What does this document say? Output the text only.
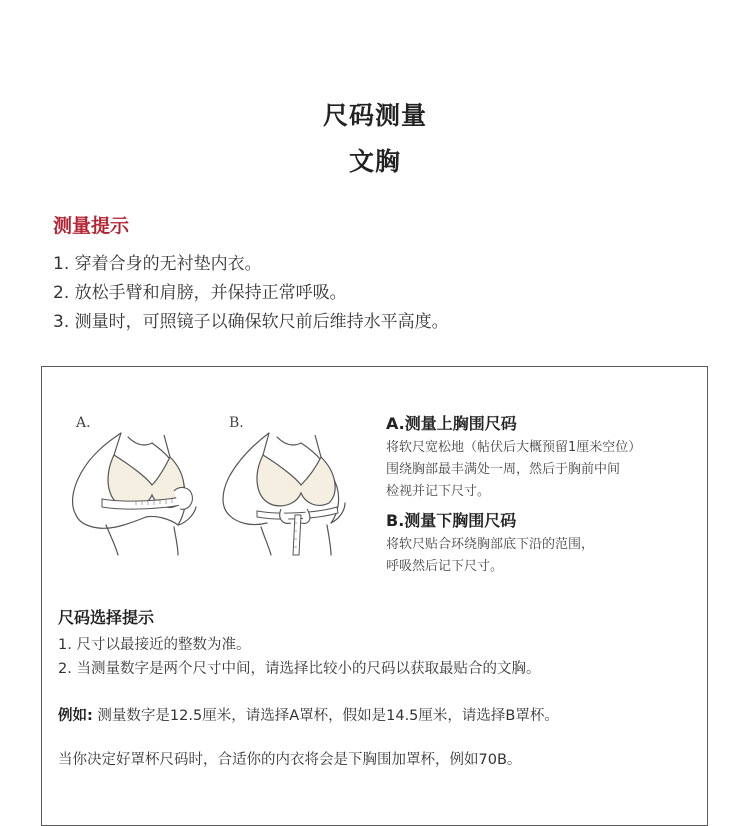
尺码测量
文胸
测量提示
1. 穿着合身的无衬垫内衣。
2. 放松手臂和肩膀，并保持正常呼吸。
3. 测量时，可照镜子以确保软尺前后维持水平高度。
A.	B.	A.测量上胸围尺码
将软尺宽松地（帖伏后大概预留1厘米空位）
围绕胸部最丰满处一周，然后于胸前中间
检视并记下尺寸。
B.测量下胸围尺码
将软尺贴合环绕胸部底下沿的范围，
呼吸然后记下尺寸。
尺码选择提示
1. 尺寸以最接近的整数为准。
2. 当测量数字是两个尺寸中间，请选择比较小的尺码以获取最贴合的文胸。
例如: 测量数字是12.5厘米，请选择A罩杯，假如是14.5厘米，请选择B罩杯。
当你决定好罩杯尺码时，合适你的内衣将会是下胸围加罩杯，例如70B。
